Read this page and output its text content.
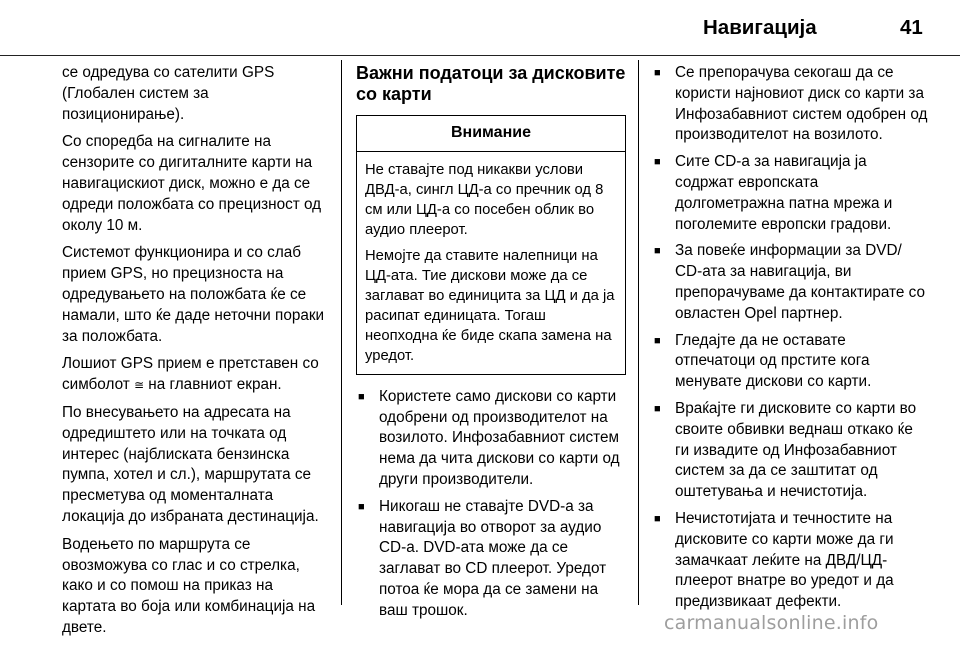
Навигација	41

се одредува со сателити GPS (Глобален систем за позиционирање).

Со споредба на сигналите на сензорите со дигиталните карти на навигацискиот диск, можно е да се одреди положбата со прецизност од околу 10 м.

Системот функционира и со слаб прием GPS, но прецизноста на одредувањето на положбата ќе се намали, што ќе даде неточни пораки за положбата.

Лошиот GPS прием е претставен со симболот ≅ на главниот екран.

По внесувањето на адресата на одредиштето или на точката од интерес (најблиската бензинска пумпа, хотел и сл.), маршрутата се пресметува од моменталната локација до избраната дестинација.

Водењето по маршрута се овозможува со глас и со стрелка, како и со помош на приказ на картата во боја или комбинација на двете.

Важни податоци за дисковите со карти
Внимание

Не ставајте под никакви услови ДВД-а, сингл ЦД-а со пречник од 8 см или ЦД-а со посебен облик во аудио плеерот.

Немојте да ставите налепници на ЦД-ата. Тие дискови може да се заглават во единицита за ЦД и да ја расипат единицата. Тогаш неопходна ќе биде скапа замена на уредот.

■ Користете само дискови со карти одобрени од производителот на возилото. Инфозабавниот систем нема да чита дискови со карти од други производители.
■ Никогаш не ставајте DVD-а за навигација во отворот за аудио CD-а. DVD-ата може да се заглават во CD плеерот. Уредот потоа ќе мора да се замени на ваш трошок.
■ Се препорачува секогаш да се користи најновиот диск со карти за Инфозабавниот систем одобрен од производителот на возилото.
■ Сите CD-а за навигација ја содржат европската долгометражна патна мрежа и поголемите европски градови.
■ За повеќе информации за DVD/ CD-ата за навигација, ви препорачуваме да контактирате со овластен Opel партнер.
■ Гледајте да не оставате отпечатоци од прстите кога менувате дискови со карти.
■ Враќајте ги дисковите со карти во своите обвивки веднаш откако ќе ги извадите од Инфозабавниот систем за да се заштитат од оштетувања и нечистотија.
■ Нечистотијата и течностите на дисковите со карти може да ги замачкаат леќите на ДВД/ЦД- плеерот внатре во уредот и да предизвикаат дефекти.
carmanualsonline.info
